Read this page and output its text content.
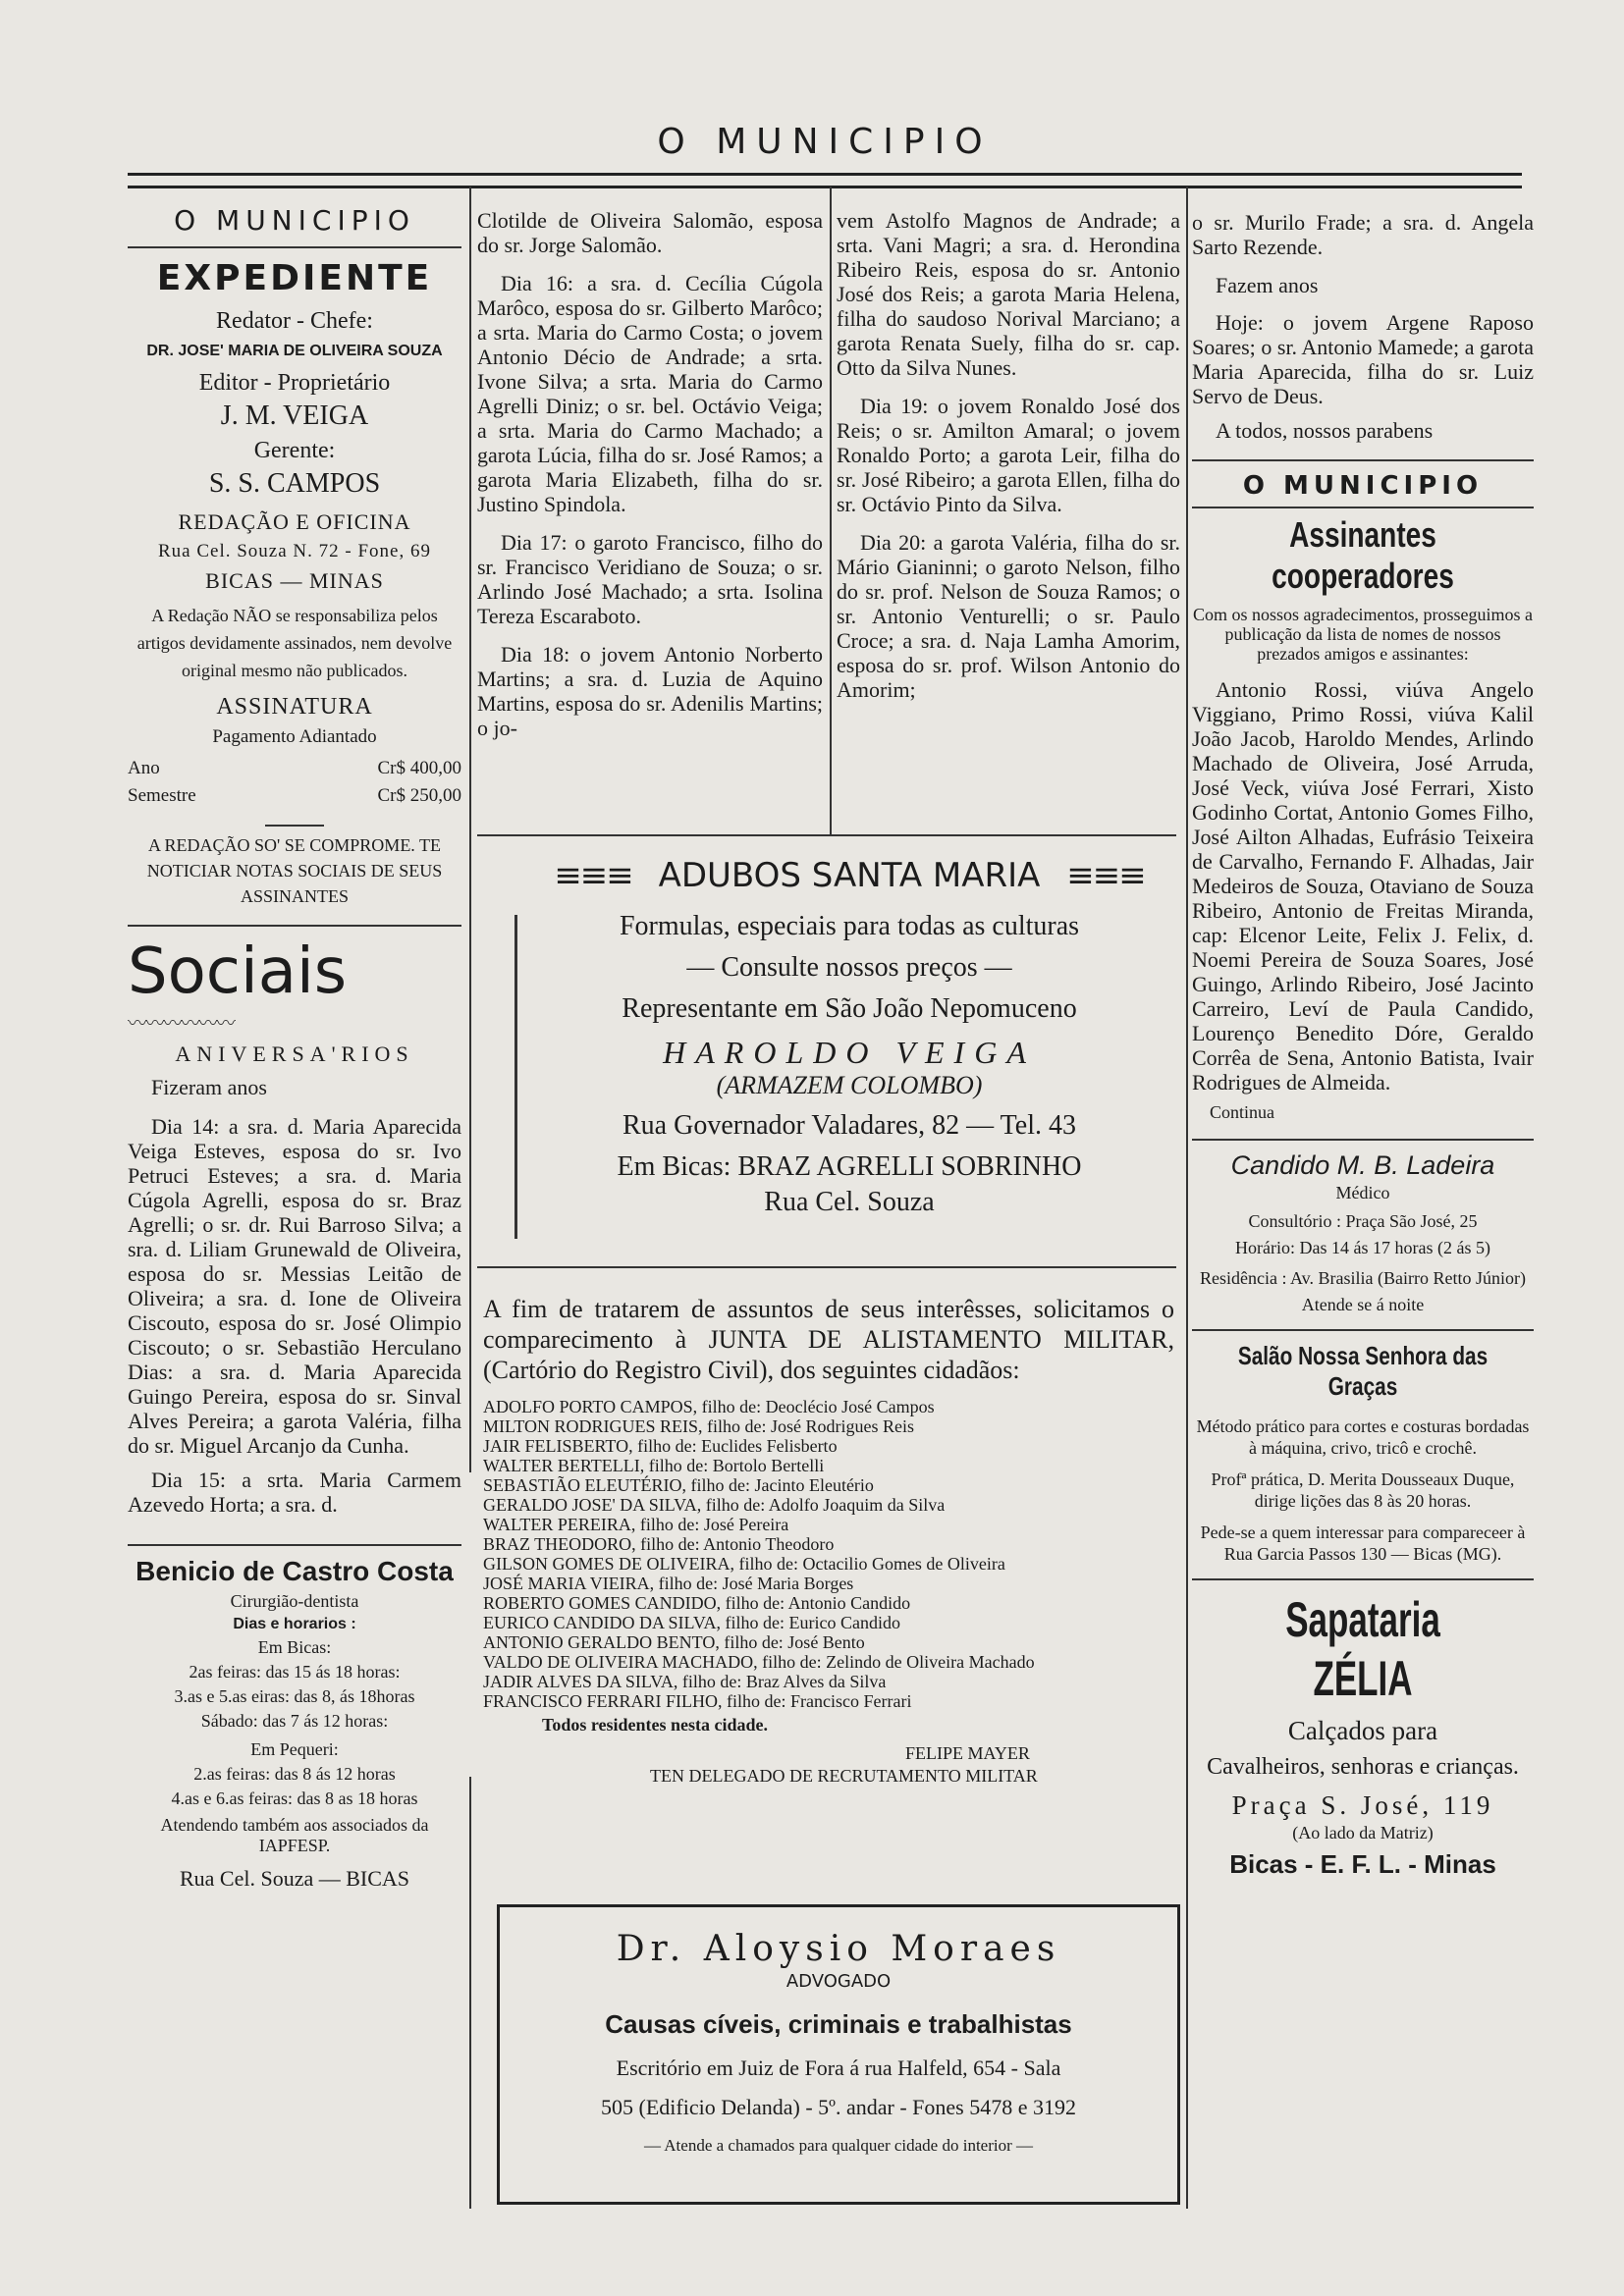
O MUNICIPIO
O MUNICIPIO
EXPEDIENTE
Redator - Chefe:
DR. JOSE' MARIA DE OLIVEIRA SOUZA
Editor - Proprietário
J. M. VEIGA
Gerente:
S. S. CAMPOS
REDAÇÃO E OFICINA
Rua Cel. Souza N. 72 - Fone, 69
BICAS — MINAS

A Redação NÃO se responsabiliza pelos artigos devidamente assinados, nem devolve original mesmo não publicados.

ASSINATURA
Pagamento Adiantado
Ano	Cr$ 400,00
Semestre	Cr$ 250,00

A REDAÇÃO SO' SE COMPROME. TE NOTICIAR NOTAS SOCIAIS DE SEUS ASSINANTES

Sociais
〰〰〰〰〰〰
ANIVERSA'RIOS
Fizeram anos

Dia 14: a sra. d. Maria Aparecida Veiga Esteves, esposa do sr. Ivo Petruci Esteves; a sra. d. Maria Cúgola Agrelli, esposa do sr. Braz Agrelli; o sr. dr. Rui Barroso Silva; a sra. d. Liliam Grunewald de Oliveira, esposa do sr. Messias Leitão de Oliveira; a sra. d. Ione de Oliveira Ciscouto, esposa do sr. José Olimpio Ciscouto; o sr. Sebastião Herculano Dias: a sra. d. Maria Aparecida Guingo Pereira, esposa do sr. Sinval Alves Pereira; a garota Valéria, filha do sr. Miguel Arcanjo da Cunha.

Dia 15: a srta. Maria Carmem Azevedo Horta; a sra. d.

Benicio de Castro Costa
Cirurgião-dentista
Dias e horarios :
Em Bicas:
2as feiras: das 15 ás 18 horas:
3.as e 5.as eiras: das 8, ás 18horas
Sábado: das 7 ás 12 horas:
Em Pequeri:
2.as feiras: das 8 ás 12 horas
4.as e 6.as feiras: das 8 as 18 horas
Atendendo também aos associados da IAPFESP.
Rua Cel. Souza — BICAS

Clotilde de Oliveira Salomão, esposa do sr. Jorge Salomão.

Dia 16: a sra. d. Cecília Cúgola Marôco, esposa do sr. Gilberto Marôco; a srta. Maria do Carmo Costa; o jovem Antonio Décio de Andrade; a srta. Ivone Silva; a srta. Maria do Carmo Agrelli Diniz; o sr. bel. Octávio Veiga; a srta. Maria do Carmo Machado; a garota Lúcia, filha do sr. José Ramos; a garota Maria Elizabeth, filha do sr. Justino Spindola.

Dia 17: o garoto Francisco, filho do sr. Francisco Veridiano de Souza; o sr. Arlindo José Machado; a srta. Isolina Tereza Escaraboto.

Dia 18: o jovem Antonio Norberto Martins; a sra. d. Luzia de Aquino Martins, esposa do sr. Adenilis Martins; o jo-

vem Astolfo Magnos de Andrade; a srta. Vani Magri; a sra. d. Herondina Ribeiro Reis, esposa do sr. Antonio José dos Reis; a garota Maria Helena, filha do saudoso Norival Marciano; a garota Renata Suely, filha do sr. cap. Otto da Silva Nunes.

Dia 19: o jovem Ronaldo José dos Reis; o sr. Amilton Amaral; o jovem Ronaldo Porto; a garota Leir, filha do sr. José Ribeiro; a garota Ellen, filha do sr. Octávio Pinto da Silva.

Dia 20: a garota Valéria, filha do sr. Mário Gianinni; o garoto Nelson, filho do sr. prof. Nelson de Souza Ramos; o sr. Antonio Venturelli; o sr. Paulo Croce; a sra. d. Naja Lamha Amorim, esposa do sr. prof. Wilson Antonio do Amorim;

≡≡≡ ADUBOS SANTA MARIA ≡≡≡
Formulas, especiais para todas as culturas
— Consulte nossos preços —
Representante em São João Nepomuceno
HAROLDO VEIGA
(ARMAZEM COLOMBO)
Rua Governador Valadares, 82 — Tel. 43
Em Bicas: BRAZ AGRELLI SOBRINHO
Rua Cel. Souza

A fim de tratarem de assuntos de seus interêsses, solicitamos o comparecimento à JUNTA DE ALISTAMENTO MILITAR, (Cartório do Registro Civil), dos seguintes cidadãos:

ADOLFO PORTO CAMPOS, filho de: Deoclécio José Campos

MILTON RODRIGUES REIS, filho de: José Rodrigues Reis

JAIR FELISBERTO, filho de: Euclides Felisberto

WALTER BERTELLI, filho de: Bortolo Bertelli

SEBASTIÃO ELEUTÉRIO, filho de: Jacinto Eleutério

GERALDO JOSE' DA SILVA, filho de: Adolfo Joaquim da Silva

WALTER PEREIRA, filho de: José Pereira

BRAZ THEODORO, filho de: Antonio Theodoro

GILSON GOMES DE OLIVEIRA, filho de: Octacilio Gomes de Oliveira

JOSÉ MARIA VIEIRA, filho de: José Maria Borges

ROBERTO GOMES CANDIDO, filho de: Antonio Candido

EURICO CANDIDO DA SILVA, filho de: Eurico Candido

ANTONIO GERALDO BENTO, filho de: José Bento

VALDO DE OLIVEIRA MACHADO, filho de: Zelindo de Oliveira Machado

JADIR ALVES DA SILVA, filho de: Braz Alves da Silva

FRANCISCO FERRARI FILHO, filho de: Francisco Ferrari

Todos residentes nesta cidade.
FELIPE MAYER
TEN DELEGADO DE RECRUTAMENTO MILITAR
Dr. Aloysio Moraes
ADVOGADO
Causas cíveis, criminais e trabalhistas
Escritório em Juiz de Fora á rua Halfeld, 654 - Sala
505 (Edificio Delanda) - 5º. andar - Fones 5478 e 3192
— Atende a chamados para qualquer cidade do interior —

o sr. Murilo Frade; a sra. d. Angela Sarto Rezende.

Fazem anos

Hoje: o jovem Argene Raposo Soares; o sr. Antonio Mamede; a garota Maria Aparecida, filha do sr. Luiz Servo de Deus.

A todos, nossos parabens
O MUNICIPIO
Assinantes cooperadores

Com os nossos agradecimentos, prosseguimos a publicação da lista de nomes de nossos prezados amigos e assinantes:

Antonio Rossi, viúva Angelo Viggiano, Primo Rossi, viúva Kalil João Jacob, Haroldo Mendes, Arlindo Machado de Oliveira, José Arruda, José Veck, viúva José Ferrari, Xisto Godinho Cortat, Antonio Gomes Filho, José Ailton Alhadas, Eufrásio Teixeira de Carvalho, Fernando F. Alhadas, Jair Medeiros de Souza, Otaviano de Souza Ribeiro, Antonio de Freitas Miranda, cap: Elcenor Leite, Felix J. Felix, d. Noemi Pereira de Souza Soares, José Guingo, Arlindo Ribeiro, José Jacinto Carreiro, Leví de Paula Candido, Lourenço Benedito Dóre, Geraldo Corrêa de Sena, Antonio Batista, Ivair Rodrigues de Almeida.

Continua
Candido M. B. Ladeira
Médico
Consultório : Praça São José, 25
Horário: Das 14 ás 17 horas (2 ás 5)
Residência : Av. Brasilia (Bairro Retto Júnior)
Atende se á noite
Salão Nossa Senhora das Graças

Método prático para cortes e costuras bordadas à máquina, crivo, tricô e crochê.

Profª prática, D. Merita Dousseaux Duque, dirige lições das 8 às 20 horas.

Pede-se a quem interessar para compareceer à Rua Garcia Passos 130 — Bicas (MG).

Sapataria ZÉLIA
Calçados para
Cavalheiros, senhoras e crianças.
Praça S. José, 119
(Ao lado da Matriz)
Bicas - E. F. L. - Minas
